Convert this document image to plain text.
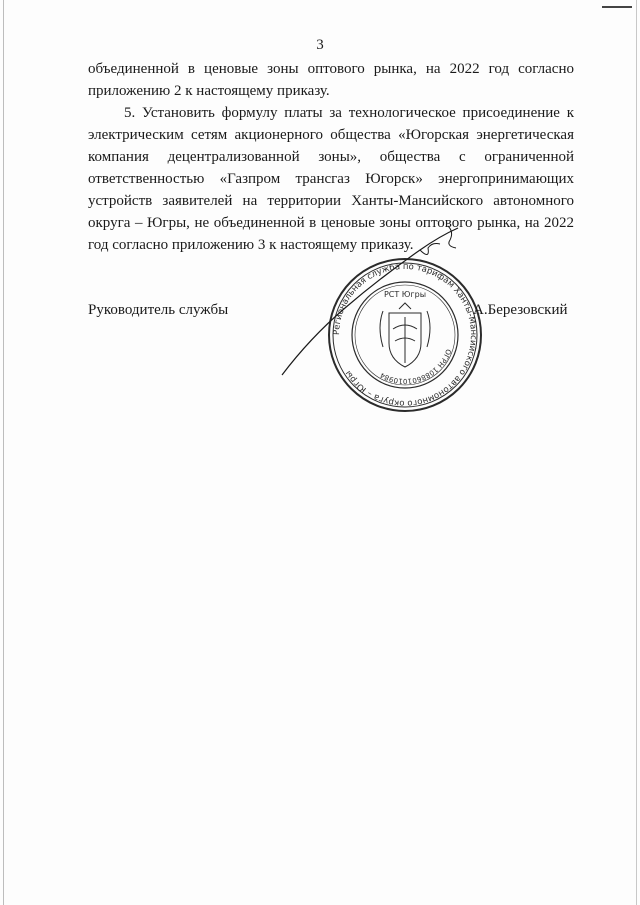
3

объединенной в ценовые зоны оптового рынка, на 2022 год согласно приложению 2 к настоящему приказу.

5. Установить формулу платы за технологическое присоединение к электрическим сетям акционерного общества «Югорская энергетическая компания децентрализованной зоны», общества с ограниченной ответственностью «Газпром трансгаз Югорск» энергопринимающих устройств заявителей на территории Ханты-Мансийского автономного округа – Югры, не объединенной в ценовые зоны оптового рынка, на 2022 год согласно приложению 3 к настоящему приказу.

Руководитель службы
Региональная служба по тарифам Ханты-Мансийского автономного округа – Югры
ОГРН 1088601010984
РСТ Югры
А.Березовский
